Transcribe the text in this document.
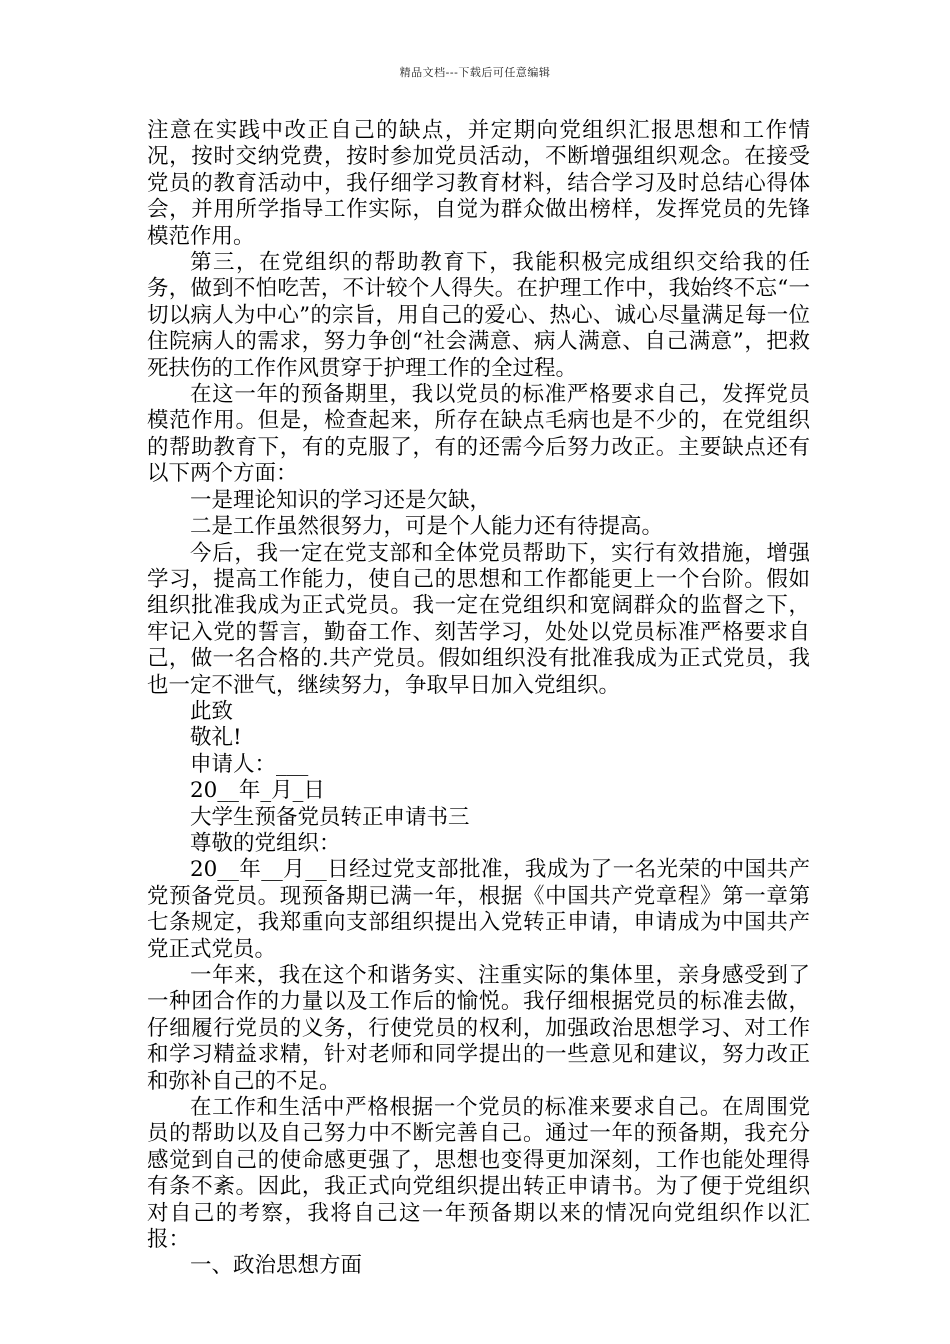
精品文档---下载后可任意编辑

注意在实践中改正自己的缺点，并定期向党组织汇报思想和工作情况，按时交纳党费，按时参加党员活动，不断增强组织观念。在接受党员的教育活动中，我仔细学习教育材料，结合学习及时总结心得体会，并用所学指导工作实际，自觉为群众做出榜样，发挥党员的先锋模范作用。

第三，在党组织的帮助教育下，我能积极完成组织交给我的任务，做到不怕吃苦，不计较个人得失。在护理工作中，我始终不忘“一切以病人为中心”的宗旨，用自己的爱心、热心、诚心尽量满足每一位住院病人的需求，努力争创“社会满意、病人满意、自己满意”，把救死扶伤的工作作风贯穿于护理工作的全过程。

在这一年的预备期里，我以党员的标准严格要求自己，发挥党员模范作用。但是，检查起来，所存在缺点毛病也是不少的，在党组织的帮助教育下，有的克服了，有的还需今后努力改正。主要缺点还有以下两个方面：

一是理论知识的学习还是欠缺，

二是工作虽然很努力，可是个人能力还有待提高。

今后，我一定在党支部和全体党员帮助下，实行有效措施，增强学习，提高工作能力，使自己的思想和工作都能更上一个台阶。假如组织批准我成为正式党员。我一定在党组织和宽阔群众的监督之下，牢记入党的誓言，勤奋工作、刻苦学习，处处以党员标准严格要求自己，做一名合格的.共产党员。假如组织没有批准我成为正式党员，我也一定不泄气，继续努力，争取早日加入党组织。

此致

敬礼!

申请人：___

20__年_月_日

大学生预备党员转正申请书三

尊敬的党组织：

20__年__月__日经过党支部批准，我成为了一名光荣的中国共产党预备党员。现预备期已满一年，根据《中国共产党章程》第一章第七条规定，我郑重向支部组织提出入党转正申请，申请成为中国共产党正式党员。

一年来，我在这个和谐务实、注重实际的集体里，亲身感受到了一种团合作的力量以及工作后的愉悦。我仔细根据党员的标准去做，仔细履行党员的义务，行使党员的权利，加强政治思想学习、对工作和学习精益求精，针对老师和同学提出的一些意见和建议，努力改正和弥补自己的不足。

在工作和生活中严格根据一个党员的标准来要求自己。在周围党员的帮助以及自己努力中不断完善自己。通过一年的预备期，我充分感觉到自己的使命感更强了，思想也变得更加深刻，工作也能处理得有条不紊。因此，我正式向党组织提出转正申请书。为了便于党组织对自己的考察，我将自己这一年预备期以来的情况向党组织作以汇报：

一、政治思想方面
